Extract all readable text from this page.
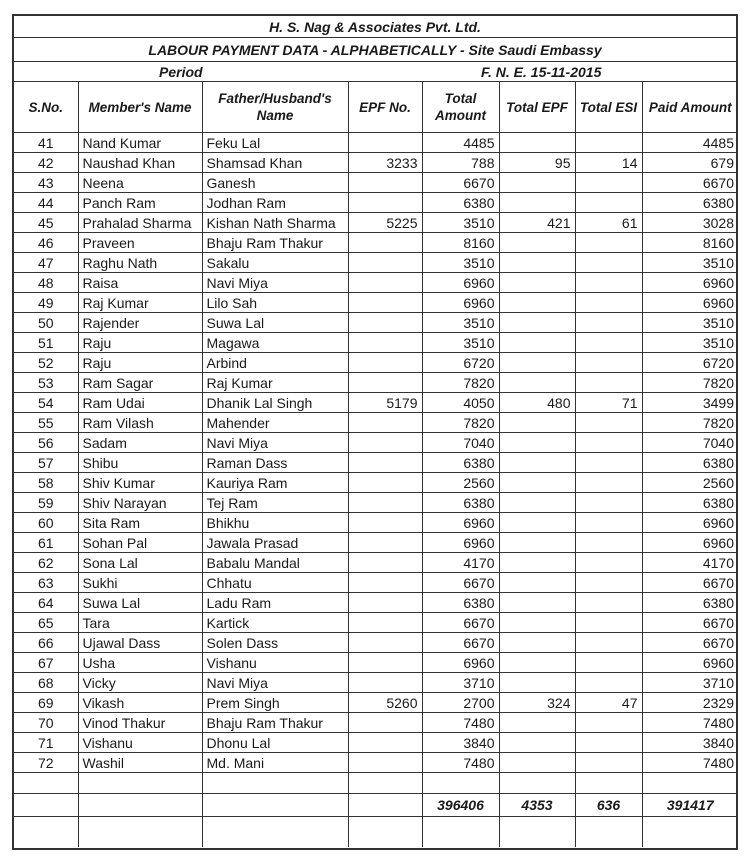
H. S. Nag & Associates Pvt. Ltd.
LABOUR PAYMENT DATA - ALPHABETICALLY - Site Saudi Embassy
Period	F. N. E. 15-11-2015
S.No.	Member's Name	Father/Husband's Name	EPF No.	Total Amount	Total EPF	Total ESI	Paid Amount
41	Nand Kumar	Feku Lal		4485			4485
42	Naushad Khan	Shamsad Khan	3233	788	95	14	679
43	Neena	Ganesh		6670			6670
44	Panch Ram	Jodhan Ram		6380			6380
45	Prahalad Sharma	Kishan Nath Sharma	5225	3510	421	61	3028
46	Praveen	Bhaju Ram Thakur		8160			8160
47	Raghu Nath	Sakalu		3510			3510
48	Raisa	Navi Miya		6960			6960
49	Raj Kumar	Lilo Sah		6960			6960
50	Rajender	Suwa Lal		3510			3510
51	Raju	Magawa		3510			3510
52	Raju	Arbind		6720			6720
53	Ram Sagar	Raj Kumar		7820			7820
54	Ram Udai	Dhanik Lal Singh	5179	4050	480	71	3499
55	Ram Vilash	Mahender		7820			7820
56	Sadam	Navi Miya		7040			7040
57	Shibu	Raman Dass		6380			6380
58	Shiv Kumar	Kauriya Ram		2560			2560
59	Shiv Narayan	Tej Ram		6380			6380
60	Sita Ram	Bhikhu		6960			6960
61	Sohan Pal	Jawala Prasad		6960			6960
62	Sona Lal	Babalu Mandal		4170			4170
63	Sukhi	Chhatu		6670			6670
64	Suwa Lal	Ladu Ram		6380			6380
65	Tara	Kartick		6670			6670
66	Ujawal Dass	Solen Dass		6670			6670
67	Usha	Vishanu		6960			6960
68	Vicky	Navi Miya		3710			3710
69	Vikash	Prem Singh	5260	2700	324	47	2329
70	Vinod Thakur	Bhaju Ram Thakur		7480			7480
71	Vishanu	Dhonu Lal		3840			3840
72	Washil	Md. Mani		7480			7480

				396406	4353	636	391417
